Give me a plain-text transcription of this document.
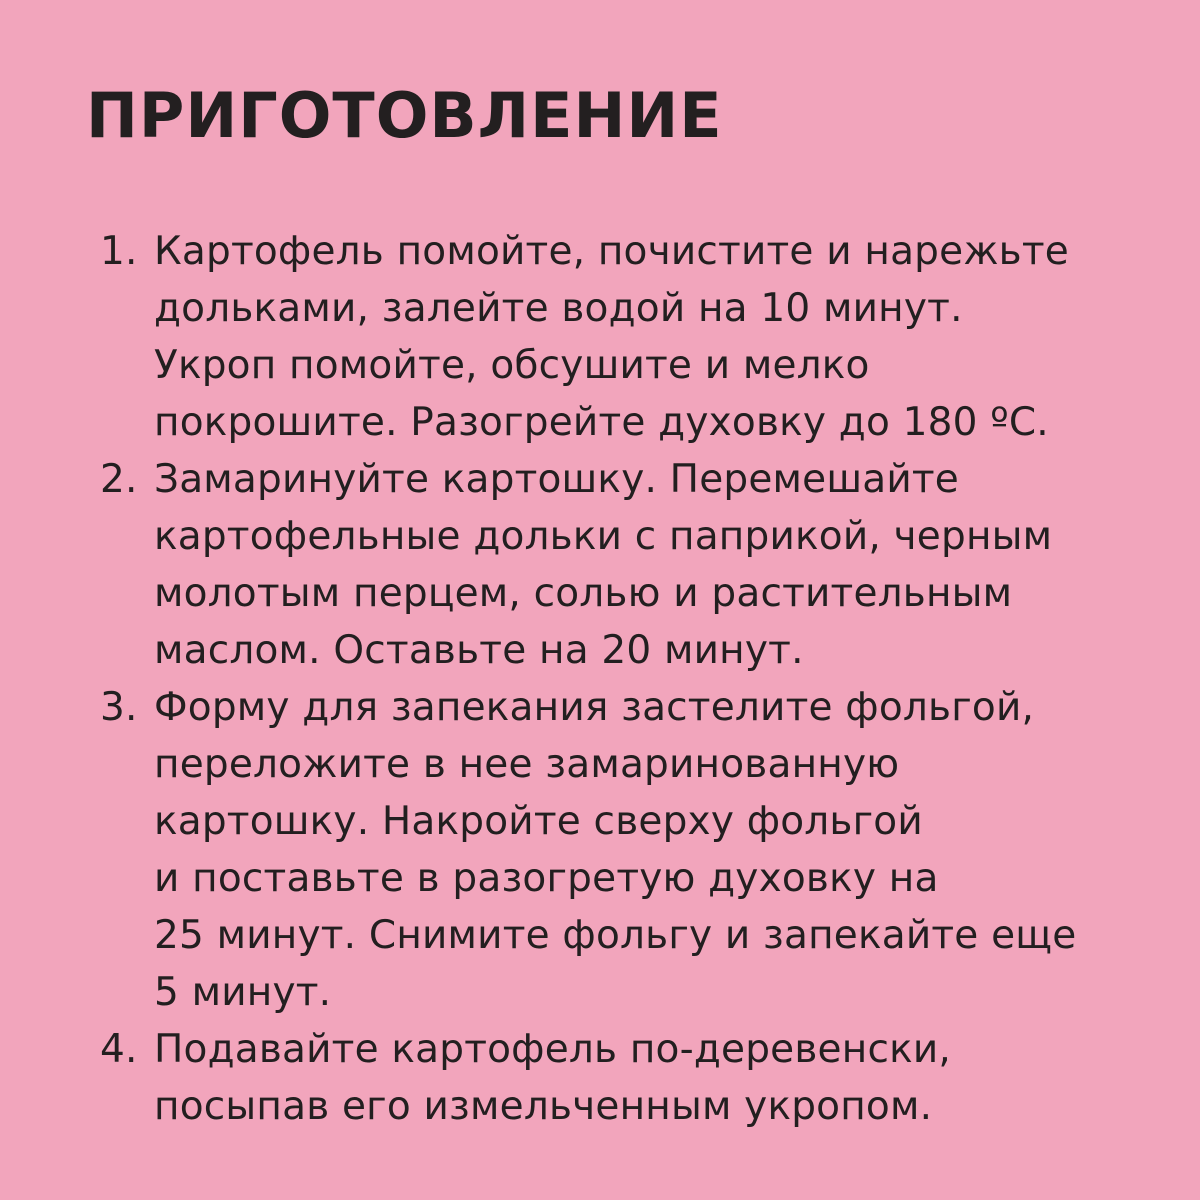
ПРИГОТОВЛЕНИЕ
1. Картофель помойте, почистите и нарежьте
дольками, залейте водой на 10 минут.
Укроп помойте, обсушите и мелко
покрошите. Разогрейте духовку до 180 ºС.
2. Замаринуйте картошку. Перемешайте
картофельные дольки с паприкой, черным
молотым перцем, солью и растительным
маслом. Оставьте на 20 минут.
3. Форму для запекания застелите фольгой,
переложите в нее замаринованную
картошку. Накройте сверху фольгой
и поставьте в разогретую духовку на
25 минут. Снимите фольгу и запекайте еще
5 минут.
4. Подавайте картофель по-деревенски,
посыпав его измельченным укропом.
